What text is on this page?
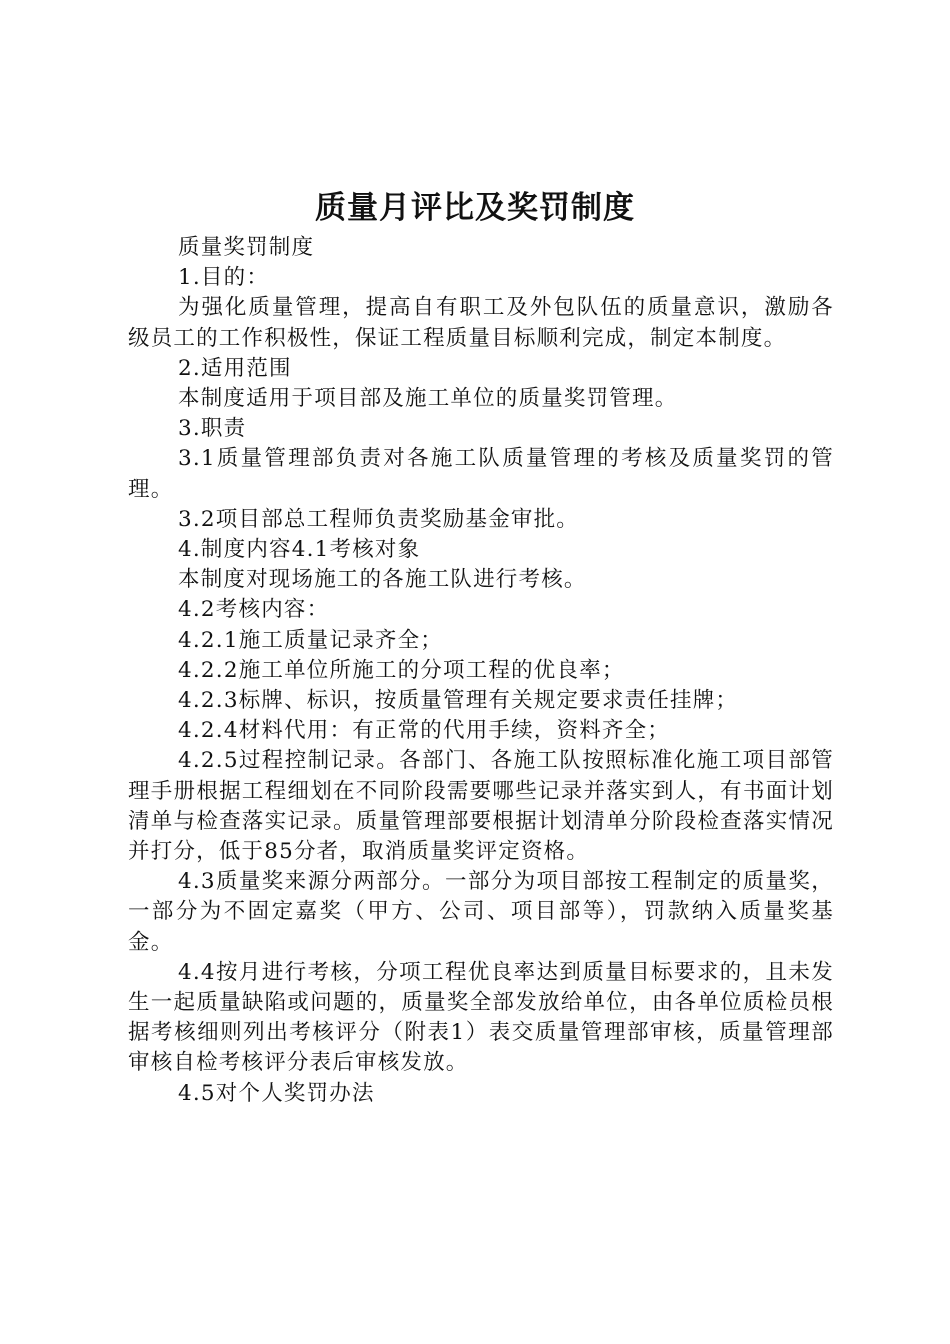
质量月评比及奖罚制度

质量奖罚制度

1.目的：

为强化质量管理，提高自有职工及外包队伍的质量意识，激励各级员工的工作积极性，保证工程质量目标顺利完成，制定本制度。

2.适用范围

本制度适用于项目部及施工单位的质量奖罚管理。

3.职责

3.1质量管理部负责对各施工队质量管理的考核及质量奖罚的管理。

3.2项目部总工程师负责奖励基金审批。

4.制度内容4.1考核对象

本制度对现场施工的各施工队进行考核。

4.2考核内容：

4.2.1施工质量记录齐全；

4.2.2施工单位所施工的分项工程的优良率；

4.2.3标牌、标识，按质量管理有关规定要求责任挂牌；

4.2.4材料代用：有正常的代用手续，资料齐全；

4.2.5过程控制记录。各部门、各施工队按照标准化施工项目部管理手册根据工程细划在不同阶段需要哪些记录并落实到人，有书面计划清单与检查落实记录。质量管理部要根据计划清单分阶段检查落实情况并打分，低于85分者，取消质量奖评定资格。

4.3质量奖来源分两部分。一部分为项目部按工程制定的质量奖，一部分为不固定嘉奖（甲方、公司、项目部等），罚款纳入质量奖基金。

4.4按月进行考核，分项工程优良率达到质量目标要求的，且未发生一起质量缺陷或问题的，质量奖全部发放给单位，由各单位质检员根据考核细则列出考核评分（附表1）表交质量管理部审核，质量管理部审核自检考核评分表后审核发放。

4.5对个人奖罚办法
